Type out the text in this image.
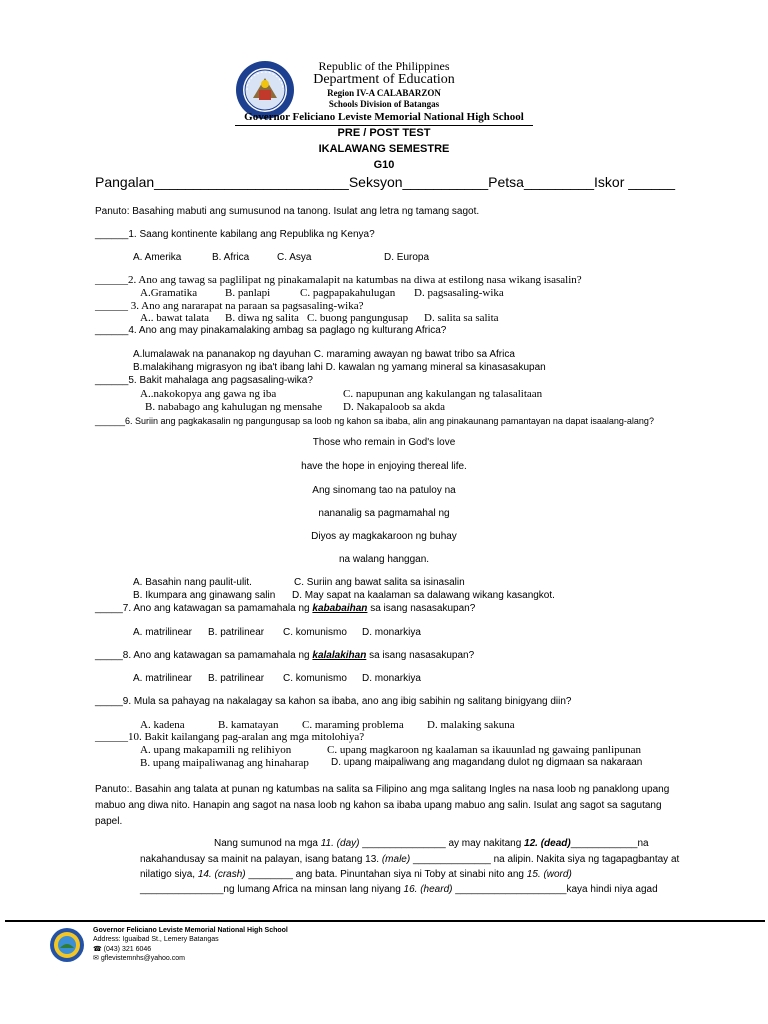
Republic of the Philippines
Department of Education
Region IV-A CALABARZON
Schools Division of Batangas
Governor Feliciano Leviste Memorial National High School
PRE / POST TEST
IKALAWANG SEMESTRE
G10
Pangalan_________________________Seksyon___________Petsa_________Iskor ______
Panuto: Basahing mabuti ang sumusunod na tanong. Isulat ang letra ng tamang sagot.
______1. Saang kontinente kabilang ang Republika ng Kenya?
A. Amerika	B. Africa	C. Asya	D. Europa
______2. Ano ang tawag sa paglilipat ng pinakamalapit na katumbas na diwa at estilong nasa wikang isasalin?
A.Gramatika	B. panlapi	C. pagpapakahulugan D. pagsasaling-wika
______ 3. Ano ang nararapat na paraan sa pagsasaling-wika?
A.. bawat talata B. diwa ng salita C. buong pangungusap D. salita sa salita
______4. Ano ang may pinakamalaking ambag sa paglago ng kulturang Africa?
A.lumalawak na pananakop ng dayuhan C. maraming awayan ng bawat tribo sa Africa
B.malakihang migrasyon ng iba't ibang lahi D. kawalan ng yamang mineral sa kinasasakupan
______5. Bakit mahalaga ang pagsasaling-wika?
A..nakokopya ang gawa ng iba	C. napupunan ang kakulangan ng talasalitaan
B. nababago ang kahulugan ng mensahe D. Nakapaloob sa akda
______6. Suriin ang pagkakasalin ng pangungusap sa loob ng kahon sa ibaba, alin ang pinakaunang pamantayan na dapat isaalang-alang?
Those who remain in God's love
have the hope in enjoying thereal life.
Ang sinomang tao na patuloy na
nananalig sa pagmamahal ng
Diyos ay magkakaroon ng buhay
na walang hanggan.
A. Basahin nang paulit-ulit.	C. Suriin ang bawat salita sa isinasalin
B. Ikumpara ang ginawang salin D. May sapat na kaalaman sa dalawang wikang kasangkot.
_____7. Ano ang katawagan sa pamamahala ng kababaihan sa isang nasasakupan?
A. matrilinear B. patrilinear C. komunismo D. monarkiya
_____8. Ano ang katawagan sa pamamahala ng kalalakihan sa isang nasasakupan?
A. matrilinear B. patrilinear C. komunismo D. monarkiya
_____9. Mula sa pahayag na nakalagay sa kahon sa ibaba, ano ang ibig sabihin ng salitang binigyang diin?
A. kadena	B. kamatayan C. maraming problema D. malaking sakuna
______10. Bakit kailangang pag-aralan ang mga mitolohiya?
A. upang makapamili ng relihiyon	C. upang magkaroon ng kaalaman sa ikauunlad ng gawaing panlipunan
B. upang maipaliwanag ang hinaharap D. upang maipaliwang ang magandang dulot ng digmaan sa nakaraan
Panuto:. Basahin ang talata at punan ng katumbas na salita sa Filipino ang mga salitang Ingles na nasa loob ng panaklong upang mabuo ang diwa nito. Hanapin ang sagot na nasa loob ng kahon sa ibaba upang mabuo ang salin. Isulat ang sagot sa sagutang papel.
Nang sumunod na mga 11. (day) _______________ ay may nakitang 12. (dead)____________na
nakahandusay sa mainit na palayan, isang batang 13. (male) ______________ na alipin. Nakita siya ng tagapagbantay at
nilatigo siya, 14. (crash) ________ ang bata. Pinuntahan siya ni Toby at sinabi nito ang 15. (word)
_______________ng lumang Africa na minsan lang niyang 16. (heard) ____________________kaya hindi niya agad
Governor Feliciano Leviste Memorial National High School
Address: Iguaibad St., Lemery Batangas
☎ (043) 321 6046
✉ gflevistemnhs@yahoo.com
